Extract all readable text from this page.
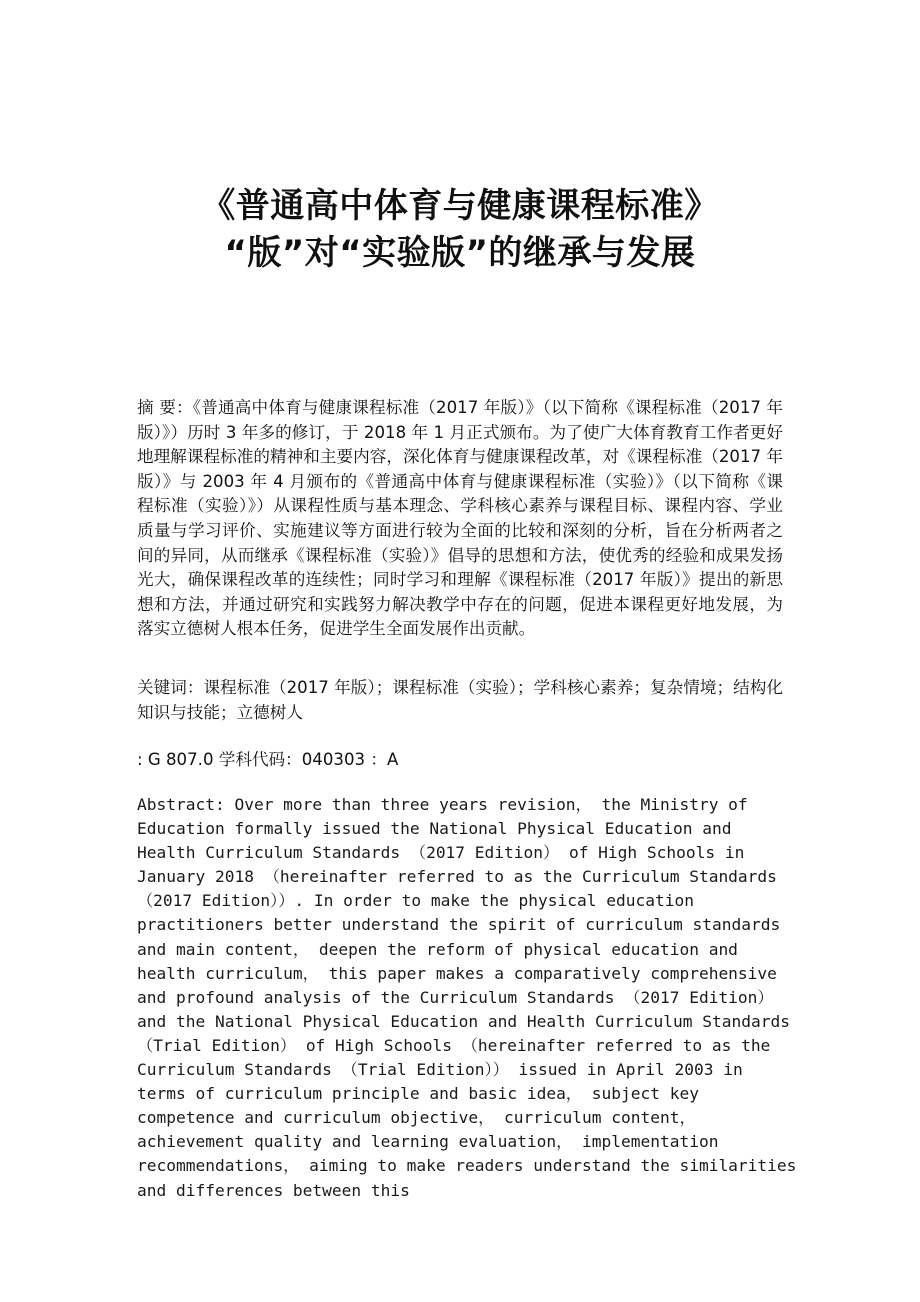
《普通高中体育与健康课程标准》
“版”对“实验版”的继承与发展

摘 要：《普通高中体育与健康课程标准（2017 年版）》（以下简称《课程标准（2017 年版）》）历时 3 年多的修订，于 2018 年 1 月正式颁布。为了使广大体育教育工作者更好地理解课程标准的精神和主要内容，深化体育与健康课程改革，对《课程标准（2017 年版）》与 2003 年 4 月颁布的《普通高中体育与健康课程标准（实验）》（以下简称《课程标准（实验）》）从课程性质与基本理念、学科核心素养与课程目标、课程内容、学业质量与学习评价、实施建议等方面进行较为全面的比较和深刻的分析，旨在分析两者之间的异同，从而继承《课程标准（实验）》倡导的思想和方法，使优秀的经验和成果发扬光大，确保课程改革的连续性；同时学习和理解《课程标准（2017 年版）》提出的新思想和方法，并通过研究和实践努力解决教学中存在的问题，促进本课程更好地发展，为落实立德树人根本任务，促进学生全面发展作出贡献。

关键词：课程标准（2017 年版）；课程标准（实验）；学科核心素养；复杂情境；结构化知识与技能；立德树人

: G 807.0 学科代码：040303 ：A

Abstract: Over more than three years revision， the Ministry of Education formally issued the National Physical Education and Health Curriculum Standards （2017 Edition） of High Schools in January 2018 （hereinafter referred to as the Curriculum Standards （2017 Edition））. In order to make the physical education practitioners better understand the spirit of curriculum standards and main content， deepen the reform of physical education and health curriculum， this paper makes a comparatively comprehensive and profound analysis of the Curriculum Standards （2017 Edition） and the National Physical Education and Health Curriculum Standards （Trial Edition） of High Schools （hereinafter referred to as the Curriculum Standards （Trial Edition）） issued in April 2003 in terms of curriculum principle and basic idea， subject key competence and curriculum objective， curriculum content， achievement quality and learning evaluation， implementation recommendations， aiming to make readers understand the similarities and differences between this
